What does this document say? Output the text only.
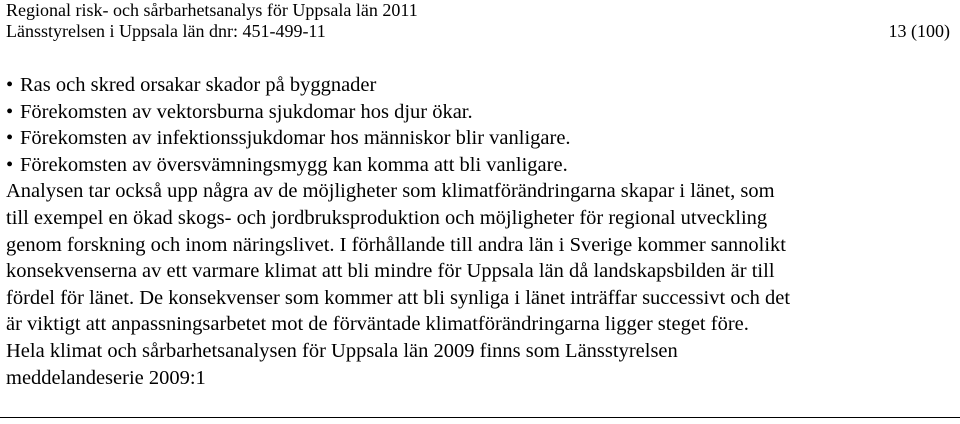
Regional risk- och sårbarhetsanalys för Uppsala län 2011
Länsstyrelsen i Uppsala län dnr: 451-499-11	13 (100)
• Ras och skred orsakar skador på byggnader
• Förekomsten av vektorsburna sjukdomar hos djur ökar.
• Förekomsten av infektionssjukdomar hos människor blir vanligare.
• Förekomsten av översvämningsmygg kan komma att bli vanligare.

Analysen tar också upp några av de möjligheter som klimatförändringarna skapar i länet, som
till exempel en ökad skogs- och jordbruksproduktion och möjligheter för regional utveckling
genom forskning och inom näringslivet. I förhållande till andra län i Sverige kommer sannolikt
konsekvenserna av ett varmare klimat att bli mindre för Uppsala län då landskapsbilden är till
fördel för länet. De konsekvenser som kommer att bli synliga i länet inträffar successivt och det
är viktigt att anpassningsarbetet mot de förväntade klimatförändringarna ligger steget före.

Hela klimat och sårbarhetsanalysen för Uppsala län 2009 finns som Länsstyrelsen
meddelandeserie 2009:1
